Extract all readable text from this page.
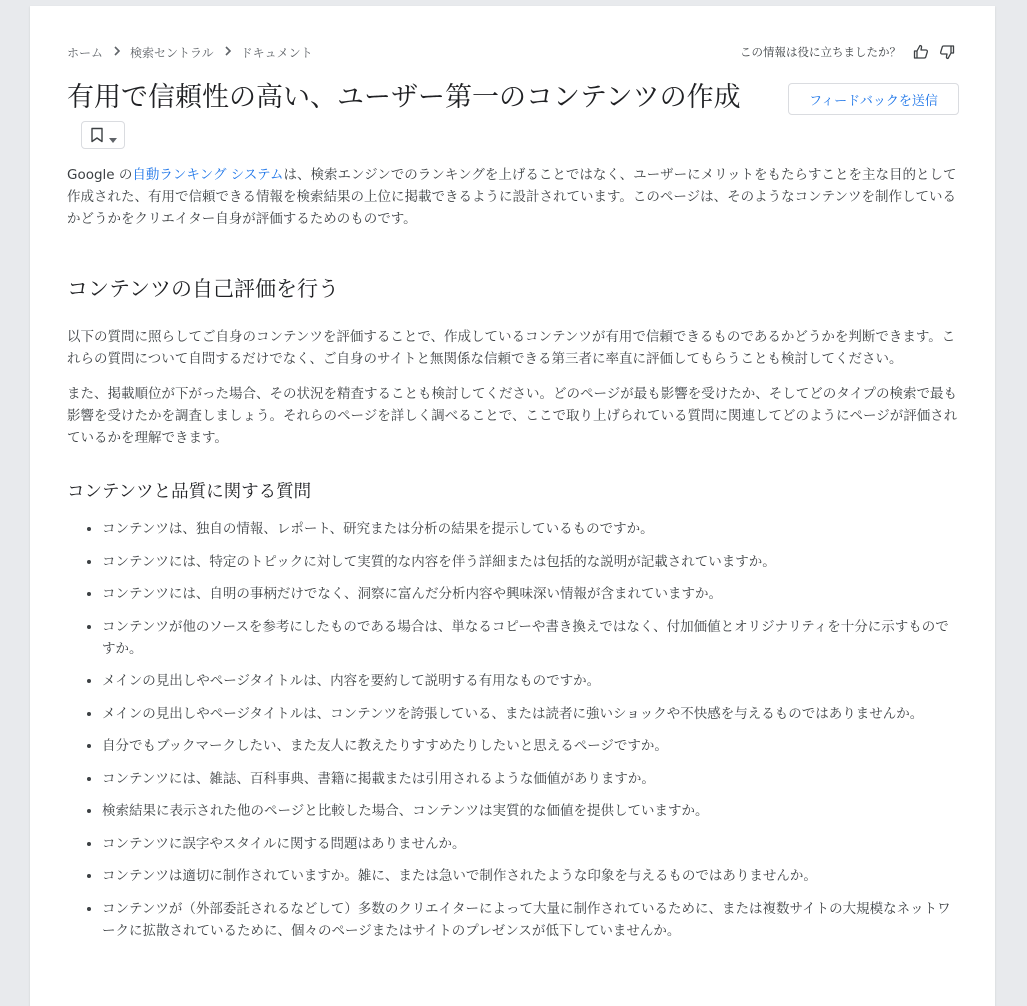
ホーム 検索セントラル ドキュメント	この情報は役に立ちましたか？
有用で信頼性の高い、ユーザー第一のコンテンツの作成	フィードバックを送信

Google の自動ランキング システムは、検索エンジンでのランキングを上げることではなく、ユーザーにメリットをもたらすことを主な目的として作成された、有用で信頼できる情報を検索結果の上位に掲載できるように設計されています。このページは、そのようなコンテンツを制作しているかどうかをクリエイター自身が評価するためのものです。

コンテンツの自己評価を行う

以下の質問に照らしてご自身のコンテンツを評価することで、作成しているコンテンツが有用で信頼できるものであるかどうかを判断できます。これらの質問について自問するだけでなく、ご自身のサイトと無関係な信頼できる第三者に率直に評価してもらうことも検討してください。

また、掲載順位が下がった場合、その状況を精査することも検討してください。どのページが最も影響を受けたか、そしてどのタイプの検索で最も影響を受けたかを調査しましょう。それらのページを詳しく調べることで、ここで取り上げられている質問に関連してどのようにページが評価されているかを理解できます。

コンテンツと品質に関する質問
• コンテンツは、独自の情報、レポート、研究または分析の結果を提示しているものですか。
• コンテンツには、特定のトピックに対して実質的な内容を伴う詳細または包括的な説明が記載されていますか。
• コンテンツには、自明の事柄だけでなく、洞察に富んだ分析内容や興味深い情報が含まれていますか。
• コンテンツが他のソースを参考にしたものである場合は、単なるコピーや書き換えではなく、付加価値とオリジナリティを十分に示すものですか。
• メインの見出しやページタイトルは、内容を要約して説明する有用なものですか。
• メインの見出しやページタイトルは、コンテンツを誇張している、または読者に強いショックや不快感を与えるものではありませんか。
• 自分でもブックマークしたい、また友人に教えたりすすめたりしたいと思えるページですか。
• コンテンツには、雑誌、百科事典、書籍に掲載または引用されるような価値がありますか。
• 検索結果に表示された他のページと比較した場合、コンテンツは実質的な価値を提供していますか。
• コンテンツに誤字やスタイルに関する問題はありませんか。
• コンテンツは適切に制作されていますか。雑に、または急いで制作されたような印象を与えるものではありませんか。
• コンテンツが（外部委託されるなどして）多数のクリエイターによって大量に制作されているために、または複数サイトの大規模なネットワークに拡散されているために、個々のページまたはサイトのプレゼンスが低下していませんか。
